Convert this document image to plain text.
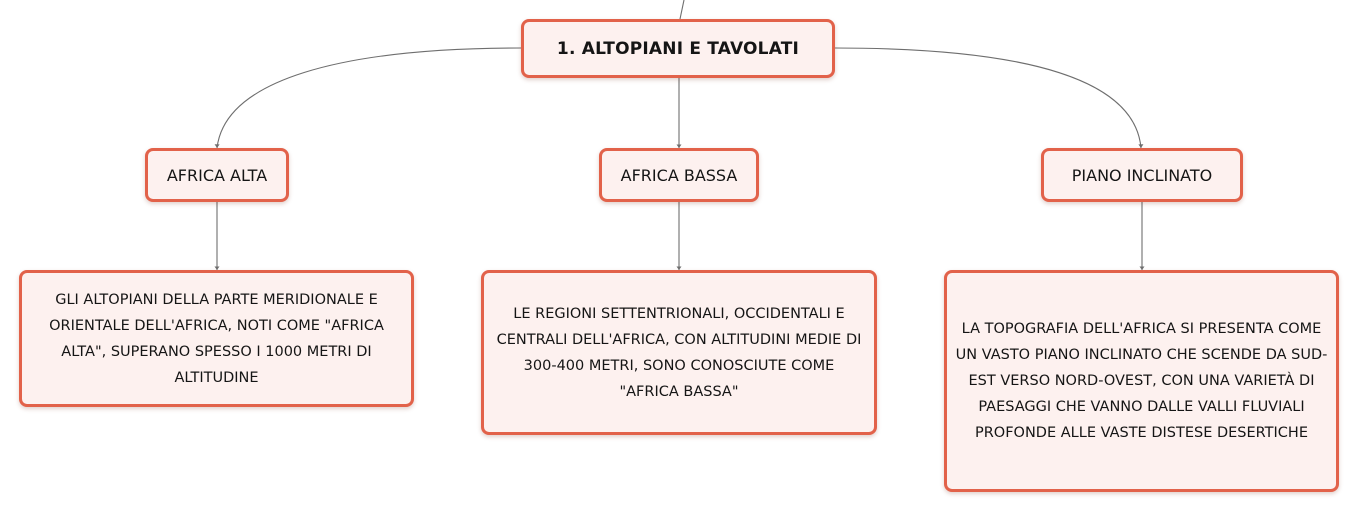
1. ALTOPIANI E TAVOLATI
AFRICA ALTA	AFRICA BASSA	PIANO INCLINATO
GLI ALTOPIANI DELLA PARTE MERIDIONALE E ORIENTALE DELL'AFRICA, NOTI COME "AFRICA ALTA", SUPERANO SPESSO I 1000 METRI DI ALTITUDINE
LE REGIONI SETTENTRIONALI, OCCIDENTALI E CENTRALI DELL'AFRICA, CON ALTITUDINI MEDIE DI 300-400 METRI, SONO CONOSCIUTE COME "AFRICA BASSA"
LA TOPOGRAFIA DELL'AFRICA SI PRESENTA COME UN VASTO PIANO INCLINATO CHE SCENDE DA SUD-EST VERSO NORD-OVEST, CON UNA VARIETÀ DI PAESAGGI CHE VANNO DALLE VALLI FLUVIALI PROFONDE ALLE VASTE DISTESE DESERTICHE
